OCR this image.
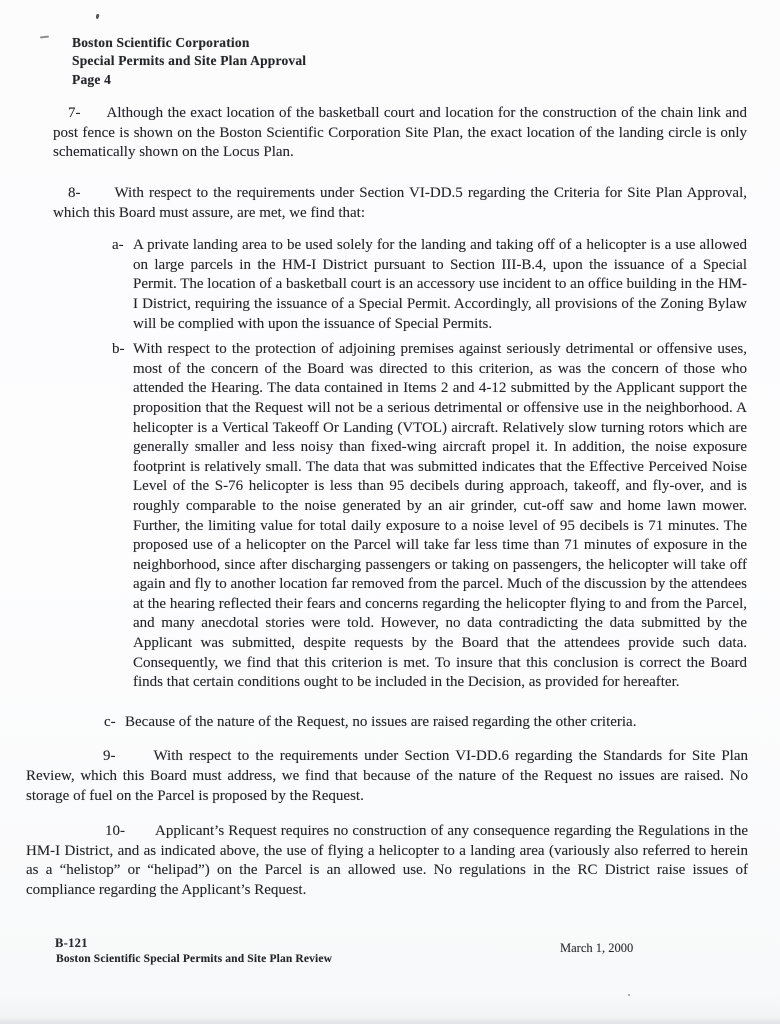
Boston Scientific Corporation
Special Permits and Site Plan Approval
Page 4

7- Although the exact location of the basketball court and location for the construction of the chain link and post fence is shown on the Boston Scientific Corporation Site Plan, the exact location of the landing circle is only schematically shown on the Locus Plan.

8- With respect to the requirements under Section VI-DD.5 regarding the Criteria for Site Plan Approval, which this Board must assure, are met, we find that:

a- A private landing area to be used solely for the landing and taking off of a helicopter is a use allowed on large parcels in the HM-I District pursuant to Section III-B.4, upon the issuance of a Special Permit. The location of a basketball court is an accessory use incident to an office building in the HM-I District, requiring the issuance of a Special Permit. Accordingly, all provisions of the Zoning Bylaw will be complied with upon the issuance of Special Permits.
b- With respect to the protection of adjoining premises against seriously detrimental or offensive uses, most of the concern of the Board was directed to this criterion, as was the concern of those who attended the Hearing. The data contained in Items 2 and 4-12 submitted by the Applicant support the proposition that the Request will not be a serious detrimental or offensive use in the neighborhood. A helicopter is a Vertical Takeoff Or Landing (VTOL) aircraft. Relatively slow turning rotors which are generally smaller and less noisy than fixed-wing aircraft propel it. In addition, the noise exposure footprint is relatively small. The data that was submitted indicates that the Effective Perceived Noise Level of the S-76 helicopter is less than 95 decibels during approach, takeoff, and fly-over, and is roughly comparable to the noise generated by an air grinder, cut-off saw and home lawn mower. Further, the limiting value for total daily exposure to a noise level of 95 decibels is 71 minutes. The proposed use of a helicopter on the Parcel will take far less time than 71 minutes of exposure in the neighborhood, since after discharging passengers or taking on passengers, the helicopter will take off again and fly to another location far removed from the parcel. Much of the discussion by the attendees at the hearing reflected their fears and concerns regarding the helicopter flying to and from the Parcel, and many anecdotal stories were told. However, no data contradicting the data submitted by the Applicant was submitted, despite requests by the Board that the attendees provide such data. Consequently, we find that this criterion is met. To insure that this conclusion is correct the Board finds that certain conditions ought to be included in the Decision, as provided for hereafter.
c- Because of the nature of the Request, no issues are raised regarding the other criteria.

9-	With respect to the requirements under Section VI-DD.6 regarding the Standards for Site Plan Review, which this Board must address, we find that because of the nature of the Request no issues are raised. No storage of fuel on the Parcel is proposed by the Request.

10- Applicant’s Request requires no construction of any consequence regarding the Regulations in the HM-I District, and as indicated above, the use of flying a helicopter to a landing area (variously also referred to herein as a “helistop” or “helipad”) on the Parcel is an allowed use. No regulations in the RC District raise issues of compliance regarding the Applicant’s Request.

B-121	March 1, 2000
Boston Scientific Special Permits and Site Plan Review
